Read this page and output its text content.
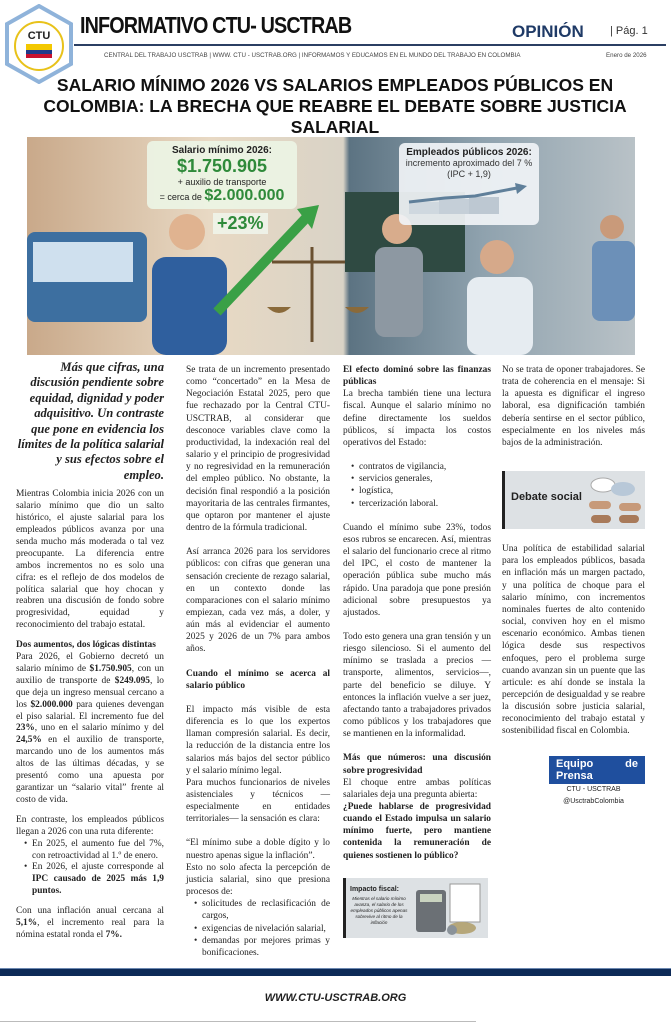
CTU INFORMATIVO CTU- USCTRAB	OPINIÓN | Pág. 1
CENTRAL DEL TRABAJO USCTRAB | WWW. CTU - USCTRAB.ORG | INFORMAMOS Y EDUCAMOS EN EL MUNDO DEL TRABAJO EN COLOMBIA	Enero de 2026
SALARIO MÍNIMO 2026 VS SALARIOS EMPLEADOS PÚBLICOS EN COLOMBIA: LA BRECHA QUE REABRE EL DEBATE SOBRE JUSTICIA SALARIAL
Salario mínimo 2026:
$1.750.905
+ auxilio de transporte
= cerca de $2.000.000
+23%
Empleados públicos 2026:
incremento aproximado del 7 % (IPC + 1,9)
Más que cifras, una discusión pendiente sobre equidad, dignidad y poder adquisitivo. Un contraste que pone en evidencia los límites de la política salarial y sus efectos sobre el empleo.

Mientras Colombia inicia 2026 con un salario mínimo que dio un salto histórico, el ajuste salarial para los empleados públicos avanza por una senda mucho más moderada o tal vez preocupante. La diferencia entre ambos incrementos no es solo una cifra: es el reflejo de dos modelos de política salarial que hoy chocan y reabren una discusión de fondo sobre progresividad, equidad y reconocimiento del trabajo estatal.

Dos aumentos, dos lógicas distintas

Para 2026, el Gobierno decretó un salario mínimo de $1.750.905, con un auxilio de transporte de $249.095, lo que deja un ingreso mensual cercano a los $2.000.000 para quienes devengan el piso salarial. El incremento fue del 23%, uno en el salario mínimo y del 24,5% en el auxilio de transporte, marcando uno de los aumentos más altos de las últimas décadas, y se presentó como una apuesta por garantizar un “salario vital” frente al costo de vida.

En contraste, los empleados públicos llegan a 2026 con una ruta diferente:

• En 2025, el aumento fue del 7%, con retroactividad al 1.º de enero.
• En 2026, el ajuste corresponde al IPC causado de 2025 más 1,9 puntos.

Con una inflación anual cercana al 5,1%, el incremento real para la nómina estatal ronda el 7%.

Se trata de un incremento presentado como “concertado” en la Mesa de Negociación Estatal 2025, pero que fue rechazado por la Central CTU-USCTRAB, al considerar que desconoce variables clave como la productividad, la indexación real del salario y el principio de progresividad y no regresividad en la remuneración del empleo público. No obstante, la decisión final respondió a la posición mayoritaria de las centrales firmantes, que optaron por mantener el ajuste dentro de la fórmula tradicional.

Así arranca 2026 para los servidores públicos: con cifras que generan una sensación creciente de rezago salarial, en un contexto donde las comparaciones con el salario mínimo empiezan, cada vez más, a doler, y aún más al evidenciar el aumento 2025 y 2026 de un 7% para ambos años.

Cuando el mínimo se acerca al salario público

El impacto más visible de esta diferencia es lo que los expertos llaman compresión salarial. Es decir, la reducción de la distancia entre los salarios más bajos del sector público y el salario mínimo legal.

Para muchos funcionarios de niveles asistenciales y técnicos —especialmente en entidades territoriales— la sensación es clara:

“El mínimo sube a doble dígito y lo nuestro apenas sigue la inflación”.

Esto no solo afecta la percepción de justicia salarial, sino que presiona procesos de:

• solicitudes de reclasificación de cargos,
• exigencias de nivelación salarial,
• demandas por mejores primas y bonificaciones.
El efecto dominó sobre las finanzas públicas

La brecha también tiene una lectura fiscal. Aunque el salario mínimo no define directamente los sueldos públicos, sí impacta los costos operativos del Estado:

• contratos de vigilancia,
• servicios generales,
• logística,
• tercerización laboral.

Cuando el mínimo sube 23%, todos esos rubros se encarecen. Así, mientras el salario del funcionario crece al ritmo del IPC, el costo de mantener la operación pública sube mucho más rápido. Una paradoja que pone presión adicional sobre presupuestos ya ajustados.

Todo esto genera una gran tensión y un riesgo silencioso. Si el aumento del mínimo se traslada a precios —transporte, alimentos, servicios—, parte del beneficio se diluye. Y entonces la inflación vuelve a ser juez, afectando tanto a trabajadores privados como públicos y los trabajadores que se mantienen en la informalidad.

Más que números: una discusión sobre progresividad

El choque entre ambas políticas salariales deja una pregunta abierta:

¿Puede hablarse de progresividad cuando el Estado impulsa un salario mínimo fuerte, pero mantiene contenida la remuneración de quienes sostienen lo público?

Impacto fiscal:
Mientras el salario mínimo avanza, el salario de los empleados públicos apenas sobrevive al ritmo de la inflación

No se trata de oponer trabajadores. Se trata de coherencia en el mensaje: Si la apuesta es dignificar el ingreso laboral, esa dignificación también debería sentirse en el sector público, especialmente en los niveles más bajos de la administración.

Debate social

Una política de estabilidad salarial para los empleados públicos, basada en inflación más un margen pactado, y una política de choque para el salario mínimo, con incrementos nominales fuertes de alto contenido social, conviven hoy en el mismo escenario económico. Ambas tienen lógica desde sus respectivos enfoques, pero el problema surge cuando avanzan sin un puente que las articule: es ahí donde se instala la percepción de desigualdad y se reabre la discusión sobre justicia salarial, reconocimiento del trabajo estatal y sostenibilidad fiscal en Colombia.

Equipo de Prensa
CTU - USCTRAB
@UsctrabColombia
WWW.CTU-USCTRAB.ORG
